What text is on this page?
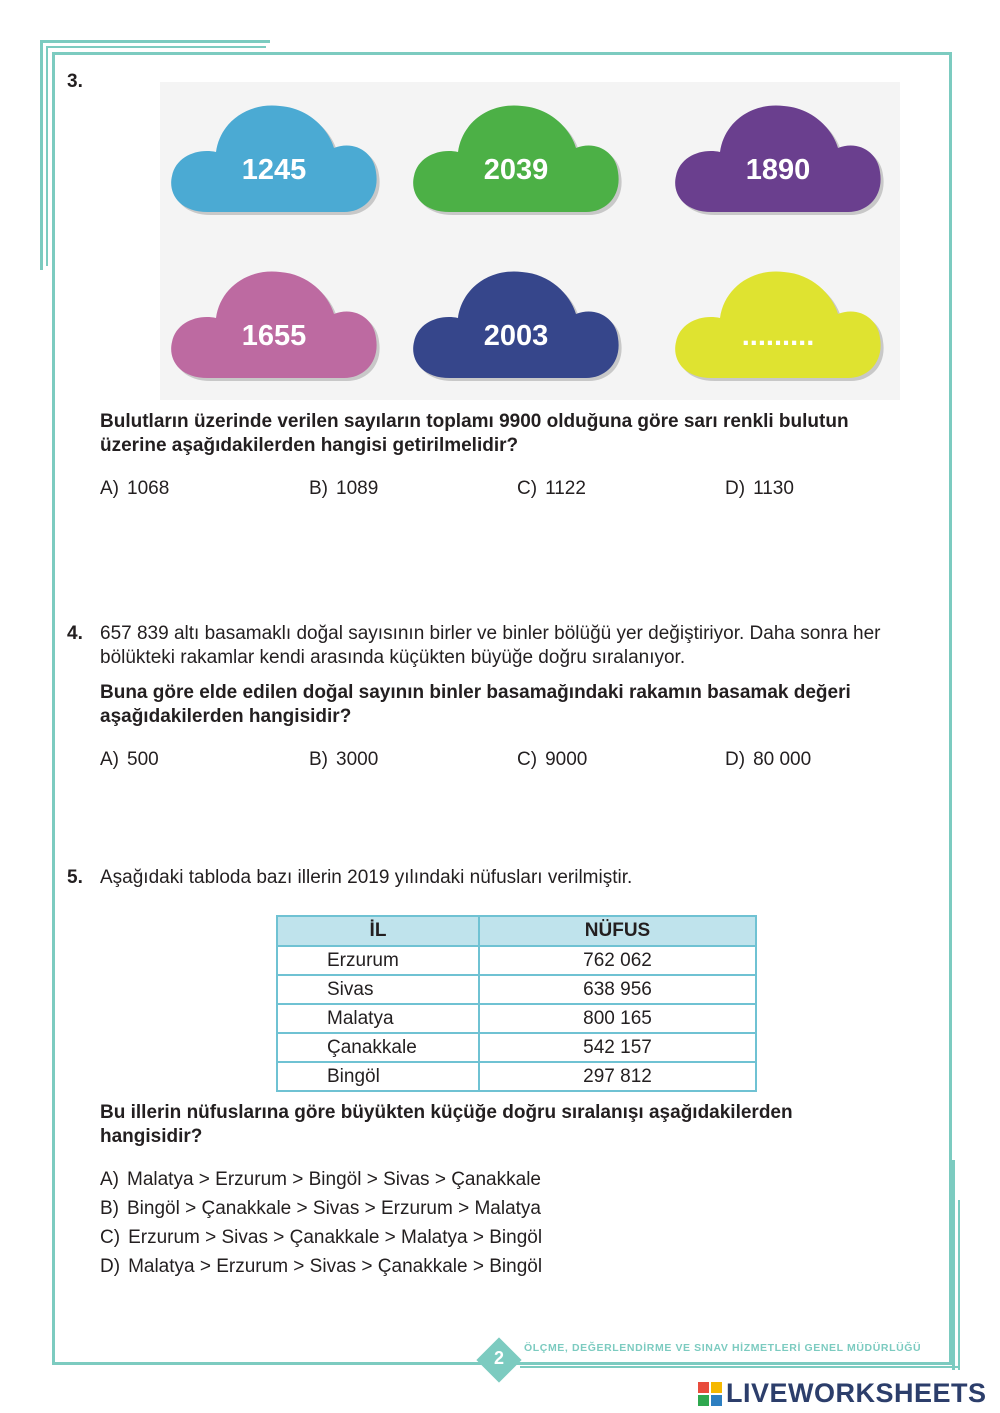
3.
1245	2039	1890
1655	2003	.........
Bulutların üzerinde verilen sayıların toplamı 9900 olduğuna göre sarı renkli bulutun
üzerine aşağıdakilerden hangisi getirilmelidir?
A) 1068	B) 1089	C) 1122	D) 1130
4. 657 839 altı basamaklı doğal sayısının birler ve binler bölüğü yer değiştiriyor. Daha sonra her
bölükteki rakamlar kendi arasında küçükten büyüğe doğru sıralanıyor.
Buna göre elde edilen doğal sayının binler basamağındaki rakamın basamak değeri
aşağıdakilerden hangisidir?
A) 500	B) 3000	C) 9000	D) 80 000
5. Aşağıdaki tabloda bazı illerin 2019 yılındaki nüfusları verilmiştir.
İL	NÜFUS
Erzurum	762 062
Sivas	638 956
Malatya	800 165
Çanakkale	542 157
Bingöl	297 812
Bu illerin nüfuslarına göre büyükten küçüğe doğru sıralanışı aşağıdakilerden
hangisidir?
A) Malatya > Erzurum > Bingöl > Sivas > Çanakkale
B) Bingöl > Çanakkale > Sivas > Erzurum > Malatya
C) Erzurum > Sivas > Çanakkale > Malatya > Bingöl
D) Malatya > Erzurum > Sivas > Çanakkale > Bingöl
2	ÖLÇME, DEĞERLENDİRME VE SINAV HİZMETLERİ GENEL MÜDÜRLÜĞÜ
LIVEWORKSHEETS
